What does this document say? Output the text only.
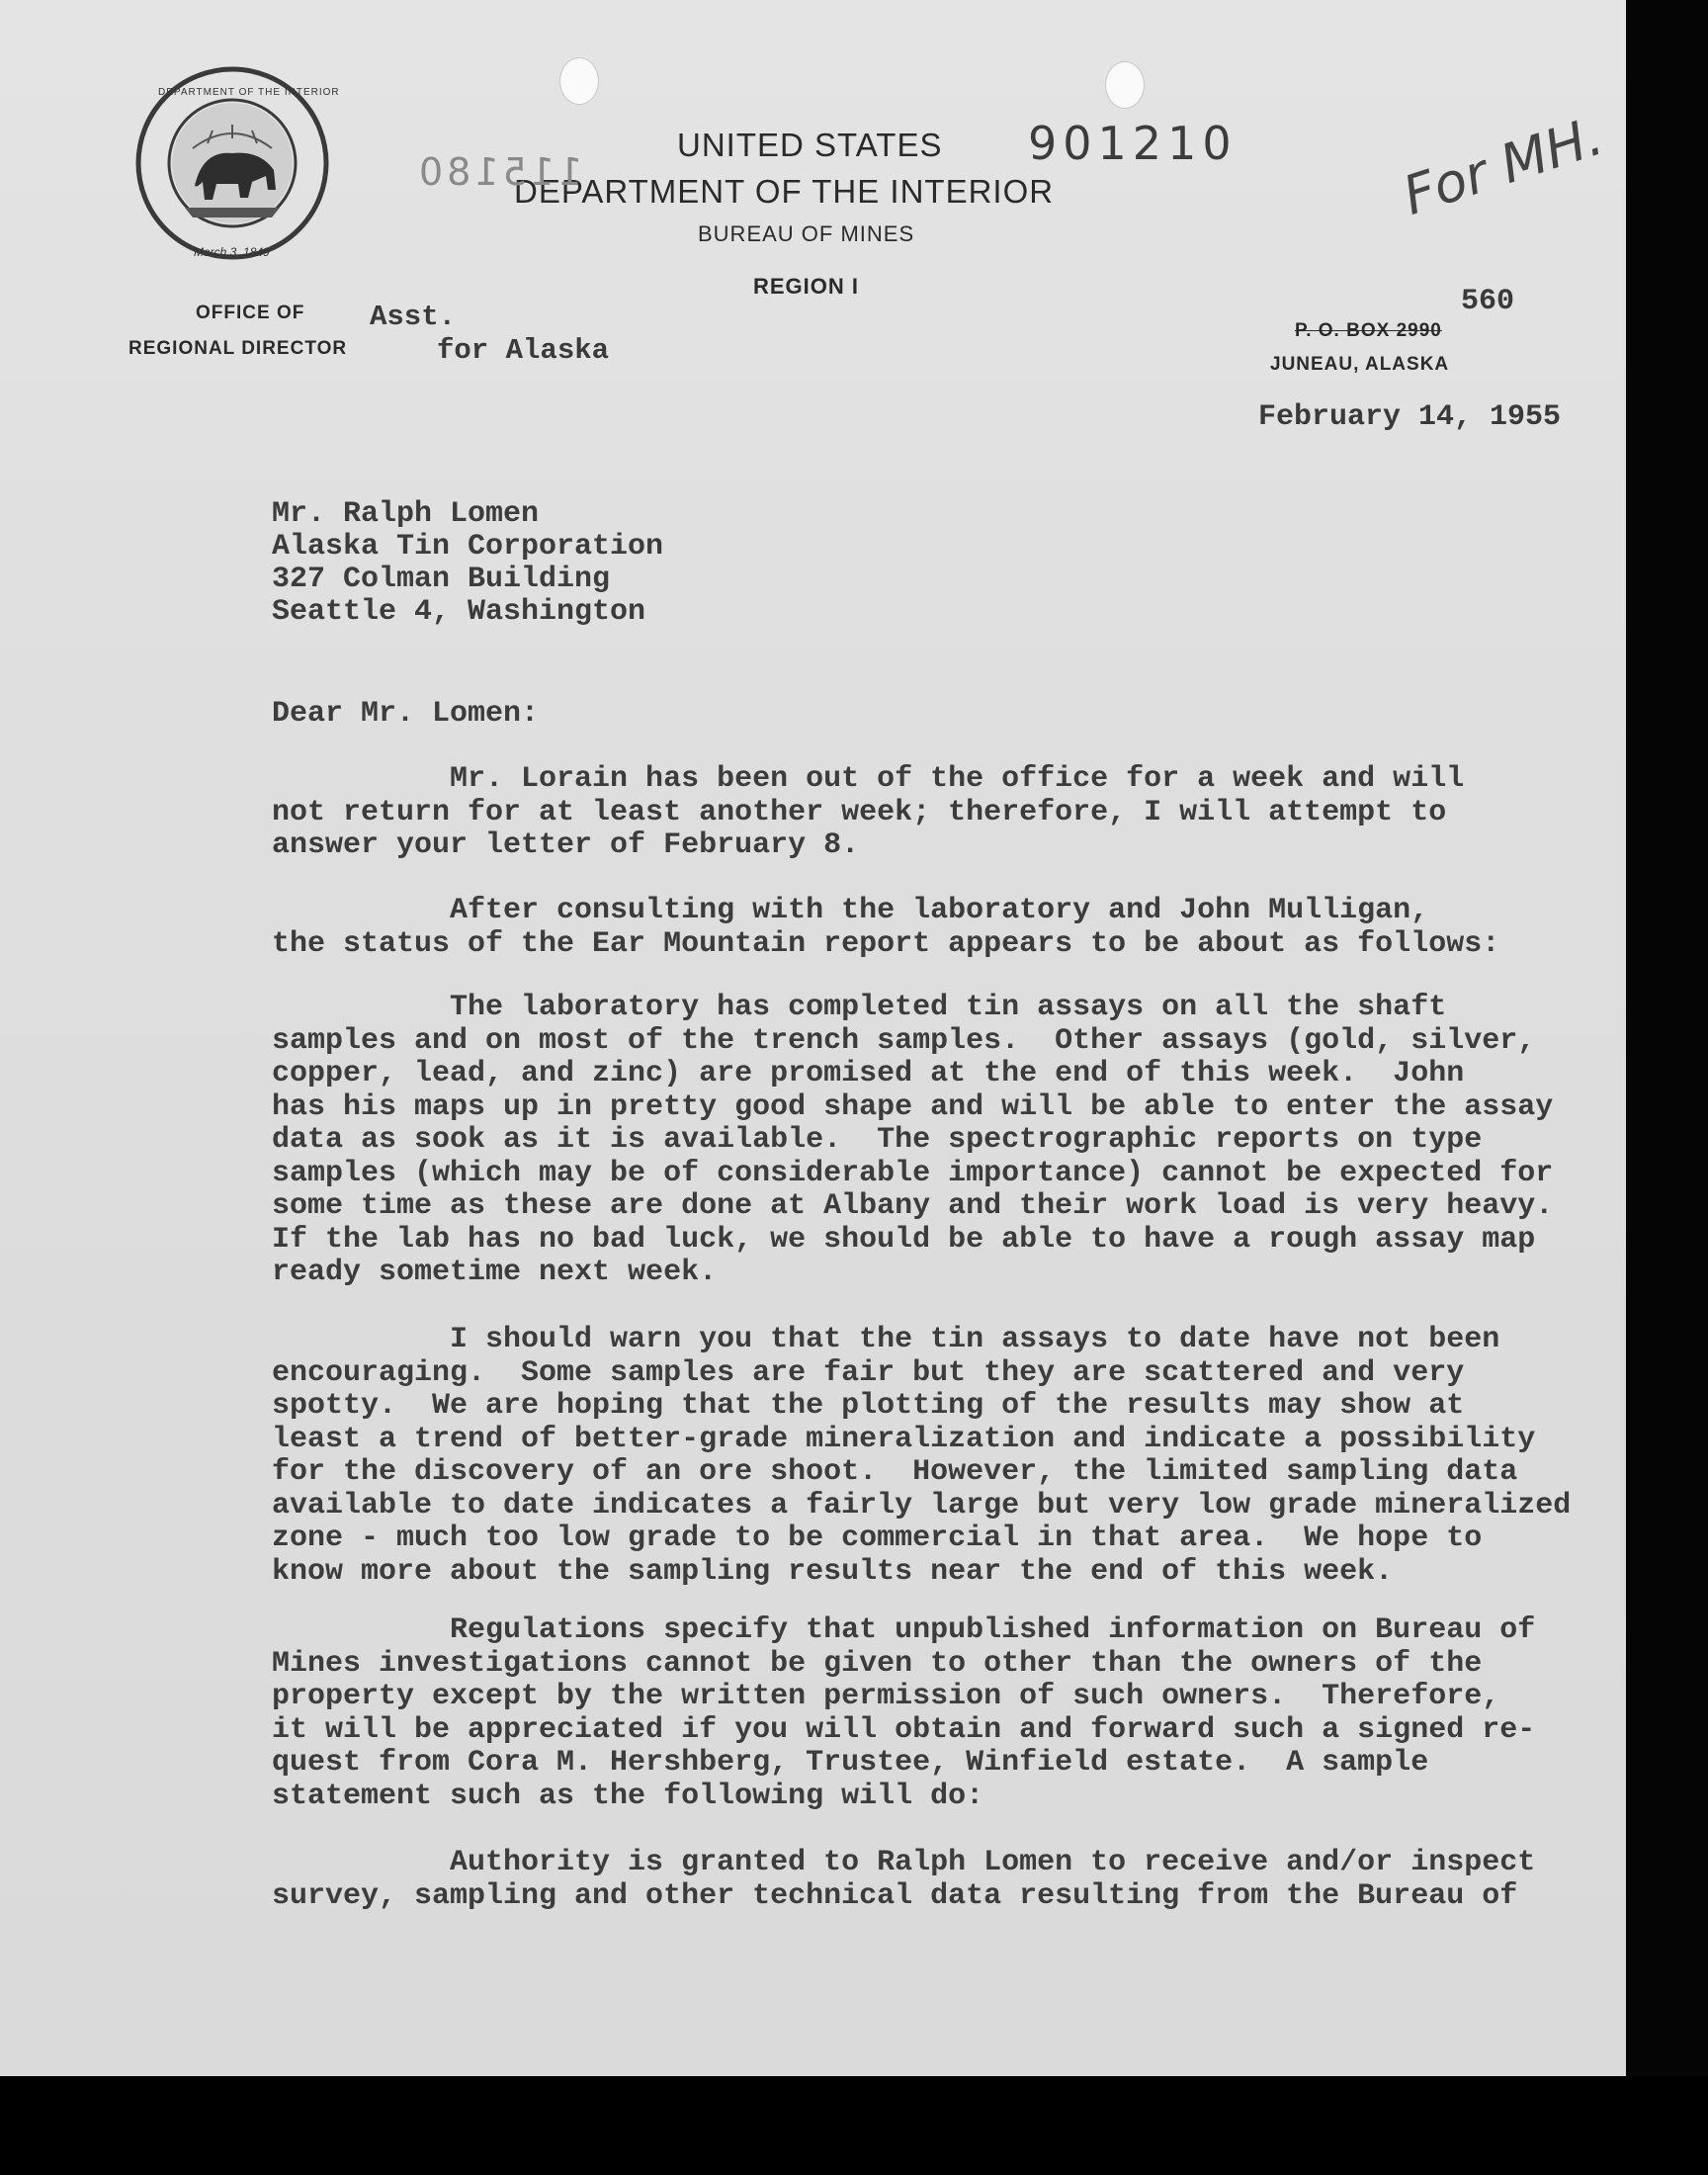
DEPARTMENT OF THE INTERIOR
March 3, 1849
UNITED STATES
DEPARTMENT OF THE INTERIOR
BUREAU OF MINES
REGION I
901210
115180	For MH.
OFFICE OF
REGIONAL DIRECTOR
Asst.
for Alaska
560
P. O. BOX 2990
JUNEAU, ALASKA
February 14, 1955

Mr. Ralph Lomen

Alaska Tin Corporation

327 Colman Building

Seattle 4, Washington

Dear Mr. Lomen:

Mr. Lorain has been out of the office for a week and will
not return for at least another week; therefore, I will attempt to
answer your letter of February 8.

After consulting with the laboratory and John Mulligan,
the status of the Ear Mountain report appears to be about as follows:

The laboratory has completed tin assays on all the shaft
samples and on most of the trench samples.  Other assays (gold, silver,
copper, lead, and zinc) are promised at the end of this week.  John
has his maps up in pretty good shape and will be able to enter the assay
data as sook as it is available.  The spectrographic reports on type
samples (which may be of considerable importance) cannot be expected for
some time as these are done at Albany and their work load is very heavy.
If the lab has no bad luck, we should be able to have a rough assay map
ready sometime next week.

I should warn you that the tin assays to date have not been
encouraging.  Some samples are fair but they are scattered and very
spotty.  We are hoping that the plotting of the results may show at
least a trend of better-grade mineralization and indicate a possibility
for the discovery of an ore shoot.  However, the limited sampling data
available to date indicates a fairly large but very low grade mineralized
zone - much too low grade to be commercial in that area.  We hope to
know more about the sampling results near the end of this week.

Regulations specify that unpublished information on Bureau of
Mines investigations cannot be given to other than the owners of the
property except by the written permission of such owners.  Therefore,
it will be appreciated if you will obtain and forward such a signed re-
quest from Cora M. Hershberg, Trustee, Winfield estate.  A sample
statement such as the following will do:

Authority is granted to Ralph Lomen to receive and/or inspect
survey, sampling and other technical data resulting from the Bureau of
